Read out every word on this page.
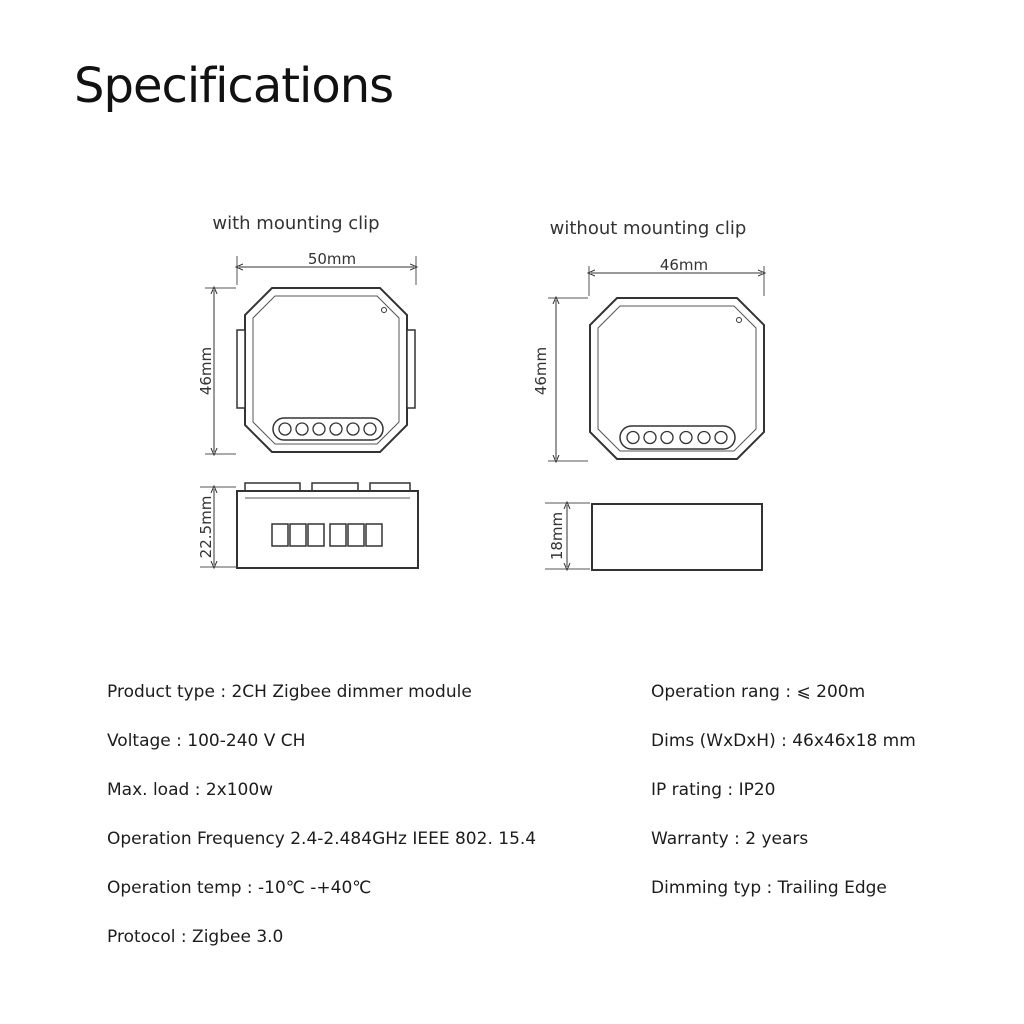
Specifications
with mounting clip
50mm
46mm
22.5mm
without mounting clip
46mm
46mm
18mm
Product type : 2CH Zigbee dimmer module
Voltage : 100-240 V CH
Max. load : 2x100w
Operation Frequency 2.4-2.484GHz IEEE 802. 15.4
Operation temp : -10℃ -+40℃
Protocol : Zigbee 3.0
Operation rang : ⩽ 200m
Dims (WxDxH) : 46x46x18 mm
IP rating : IP20
Warranty : 2 years
Dimming typ : Trailing Edge
